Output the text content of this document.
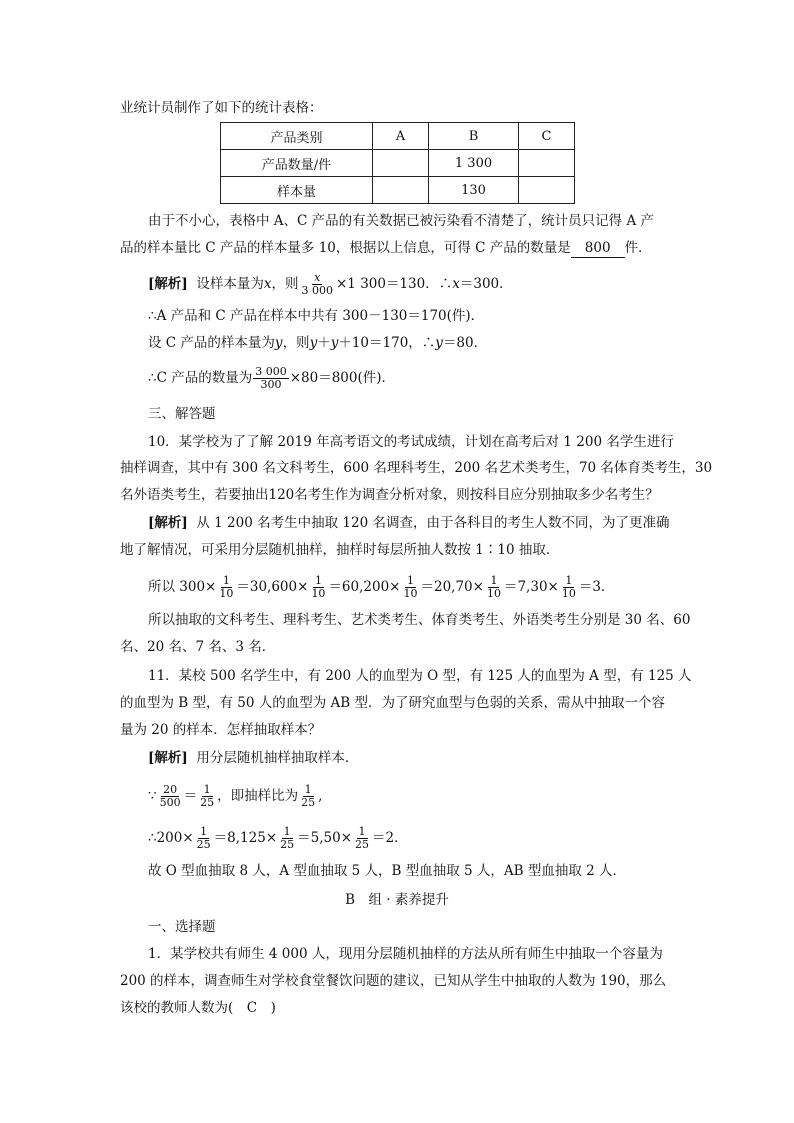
业统计员制作了如下的统计表格：
产品类别	A	B	C
产品数量/件		1 300	
样本量		130	
由于不小心，表格中 A、C 产品的有关数据已被污染看不清楚了，统计员只记得 A 产
品的样本量比 C 产品的样本量多 10，根据以上信息，可得 C 产品的数量是 800 件．
[解析] 设样本量为x，则 $\frac{x}{3 000} \times 1$ 300＝130．∴x＝300．
∴A 产品和 C 产品在样本中共有 300－130＝170(件)．
设 C 产品的样本量为y，则y＋y＋10＝170，∴y＝80．
∴C 产品的数量为 $\frac{3 000}{300} \times 80=800$(件)．
三、解答题
10．某学校为了了解 2019 年高考语文的考试成绩，计划在高考后对 1 200 名学生进行
抽样调查，其中有 300 名文科考生，600 名理科考生，200 名艺术类考生，70 名体育类考生，30
名外语类考生，若要抽出120名考生作为调查分析对象，则按科目应分别抽取多少名考生？
[解析] 从 1 200 名考生中抽取 120 名调查，由于各科目的考生人数不同，为了更准确
地了解情况，可采用分层随机抽样，抽样时每层所抽人数按 1∶10 抽取．
所以 $300\times \frac{1}{10} =30,600\times \frac{1}{10} =60,200\times \frac{1}{10} =20,70\times \frac{1}{10} =7,30\times \frac{1}{10} =3$．
所以抽取的文科考生、理科考生、艺术类考生、体育类考生、外语类考生分别是 30 名、60
名、20 名、7 名、3 名．
11．某校 500 名学生中，有 200 人的血型为 O 型，有 125 人的血型为 A 型，有 125 人
的血型为 B 型，有 50 人的血型为 AB 型．为了研究血型与色弱的关系，需从中抽取一个容
量为 20 的样本．怎样抽取样本？
[解析] 用分层随机抽样抽取样本．
∵ $\frac{20}{500} = \frac{1}{25}$ ，即抽样比为 $\frac{1}{25}$ ,
∴200× $\frac{1}{25} =8,125\times \frac{1}{25} =5,50\times \frac{1}{25} =2$．
故 O 型血抽取 8 人，A 型血抽取 5 人，B 型血抽取 5 人，AB 型血抽取 2 人．
B　组 · 素养提升
一、选择题
1．某学校共有师生 4 000 人，现用分层随机抽样的方法从所有师生中抽取一个容量为
200 的样本，调查师生对学校食堂餐饮问题的建议，已知从学生中抽取的人数为 190，那么
该校的教师人数为(　C　)
